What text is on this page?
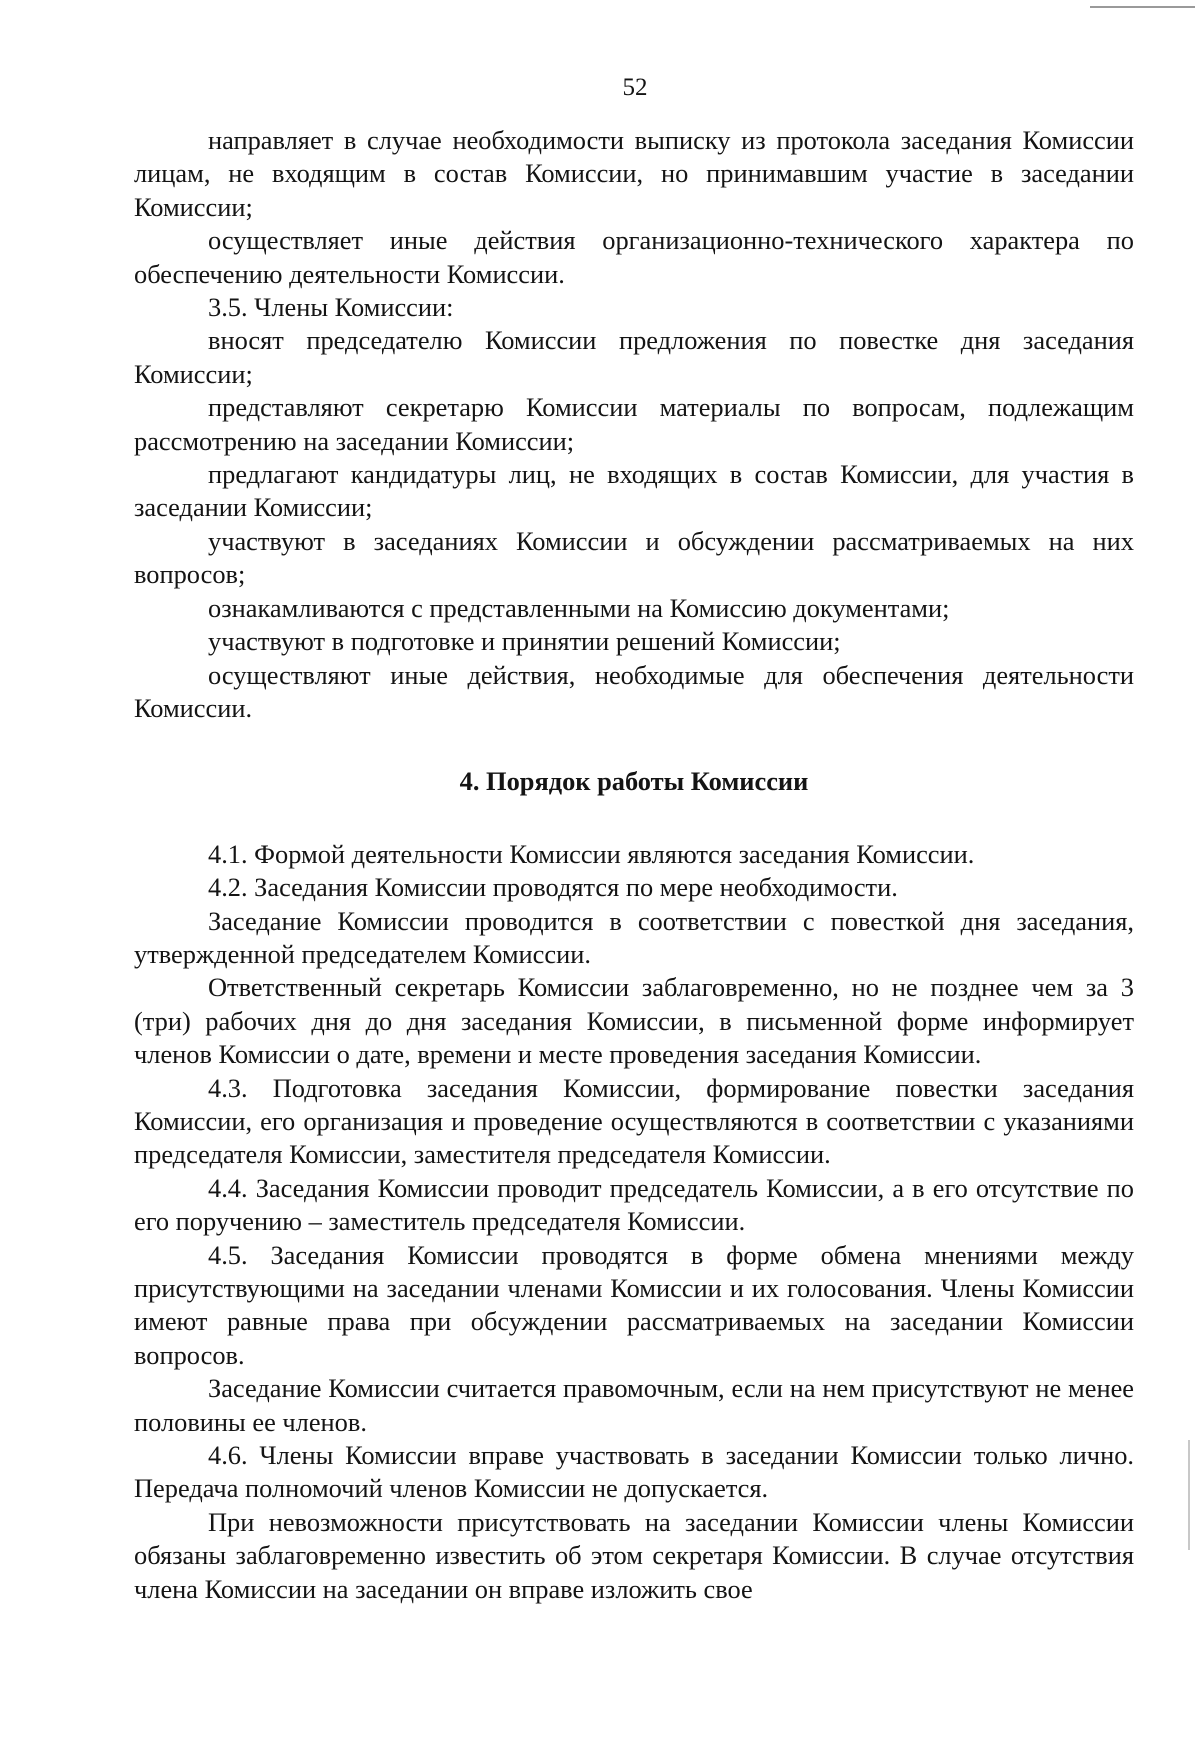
52

направляет в случае необходимости выписку из протокола заседания Комиссии лицам, не входящим в состав Комиссии, но принимавшим участие в заседании Комиссии;

осуществляет иные действия организационно-технического характера по обеспечению деятельности Комиссии.

3.5. Члены Комиссии:

вносят председателю Комиссии предложения по повестке дня заседания Комиссии;

представляют секретарю Комиссии материалы по вопросам, подлежащим рассмотрению на заседании Комиссии;

предлагают кандидатуры лиц, не входящих в состав Комиссии, для участия в заседании Комиссии;

участвуют в заседаниях Комиссии и обсуждении рассматриваемых на них вопросов;

ознакамливаются с представленными на Комиссию документами;

участвуют в подготовке и принятии решений Комиссии;

осуществляют иные действия, необходимые для обеспечения деятельности Комиссии.

4. Порядок работы Комиссии

4.1. Формой деятельности Комиссии являются заседания Комиссии.

4.2. Заседания Комиссии проводятся по мере необходимости.

Заседание Комиссии проводится в соответствии с повесткой дня заседания, утвержденной председателем Комиссии.

Ответственный секретарь Комиссии заблаговременно, но не позднее чем за 3 (три) рабочих дня до дня заседания Комиссии, в письменной форме информирует членов Комиссии о дате, времени и месте проведения заседания Комиссии.

4.3. Подготовка заседания Комиссии, формирование повестки заседания Комиссии, его организация и проведение осуществляются в соответствии с указаниями председателя Комиссии, заместителя председателя Комиссии.

4.4. Заседания Комиссии проводит председатель Комиссии, а в его отсутствие по его поручению – заместитель председателя Комиссии.

4.5. Заседания Комиссии проводятся в форме обмена мнениями между присутствующими на заседании членами Комиссии и их голосования. Члены Комиссии имеют равные права при обсуждении рассматриваемых на заседании Комиссии вопросов.

Заседание Комиссии считается правомочным, если на нем присутствуют не менее половины ее членов.

4.6. Члены Комиссии вправе участвовать в заседании Комиссии только лично. Передача полномочий членов Комиссии не допускается.

При невозможности присутствовать на заседании Комиссии члены Комиссии обязаны заблаговременно известить об этом секретаря Комиссии. В случае отсутствия члена Комиссии на заседании он вправе изложить свое
